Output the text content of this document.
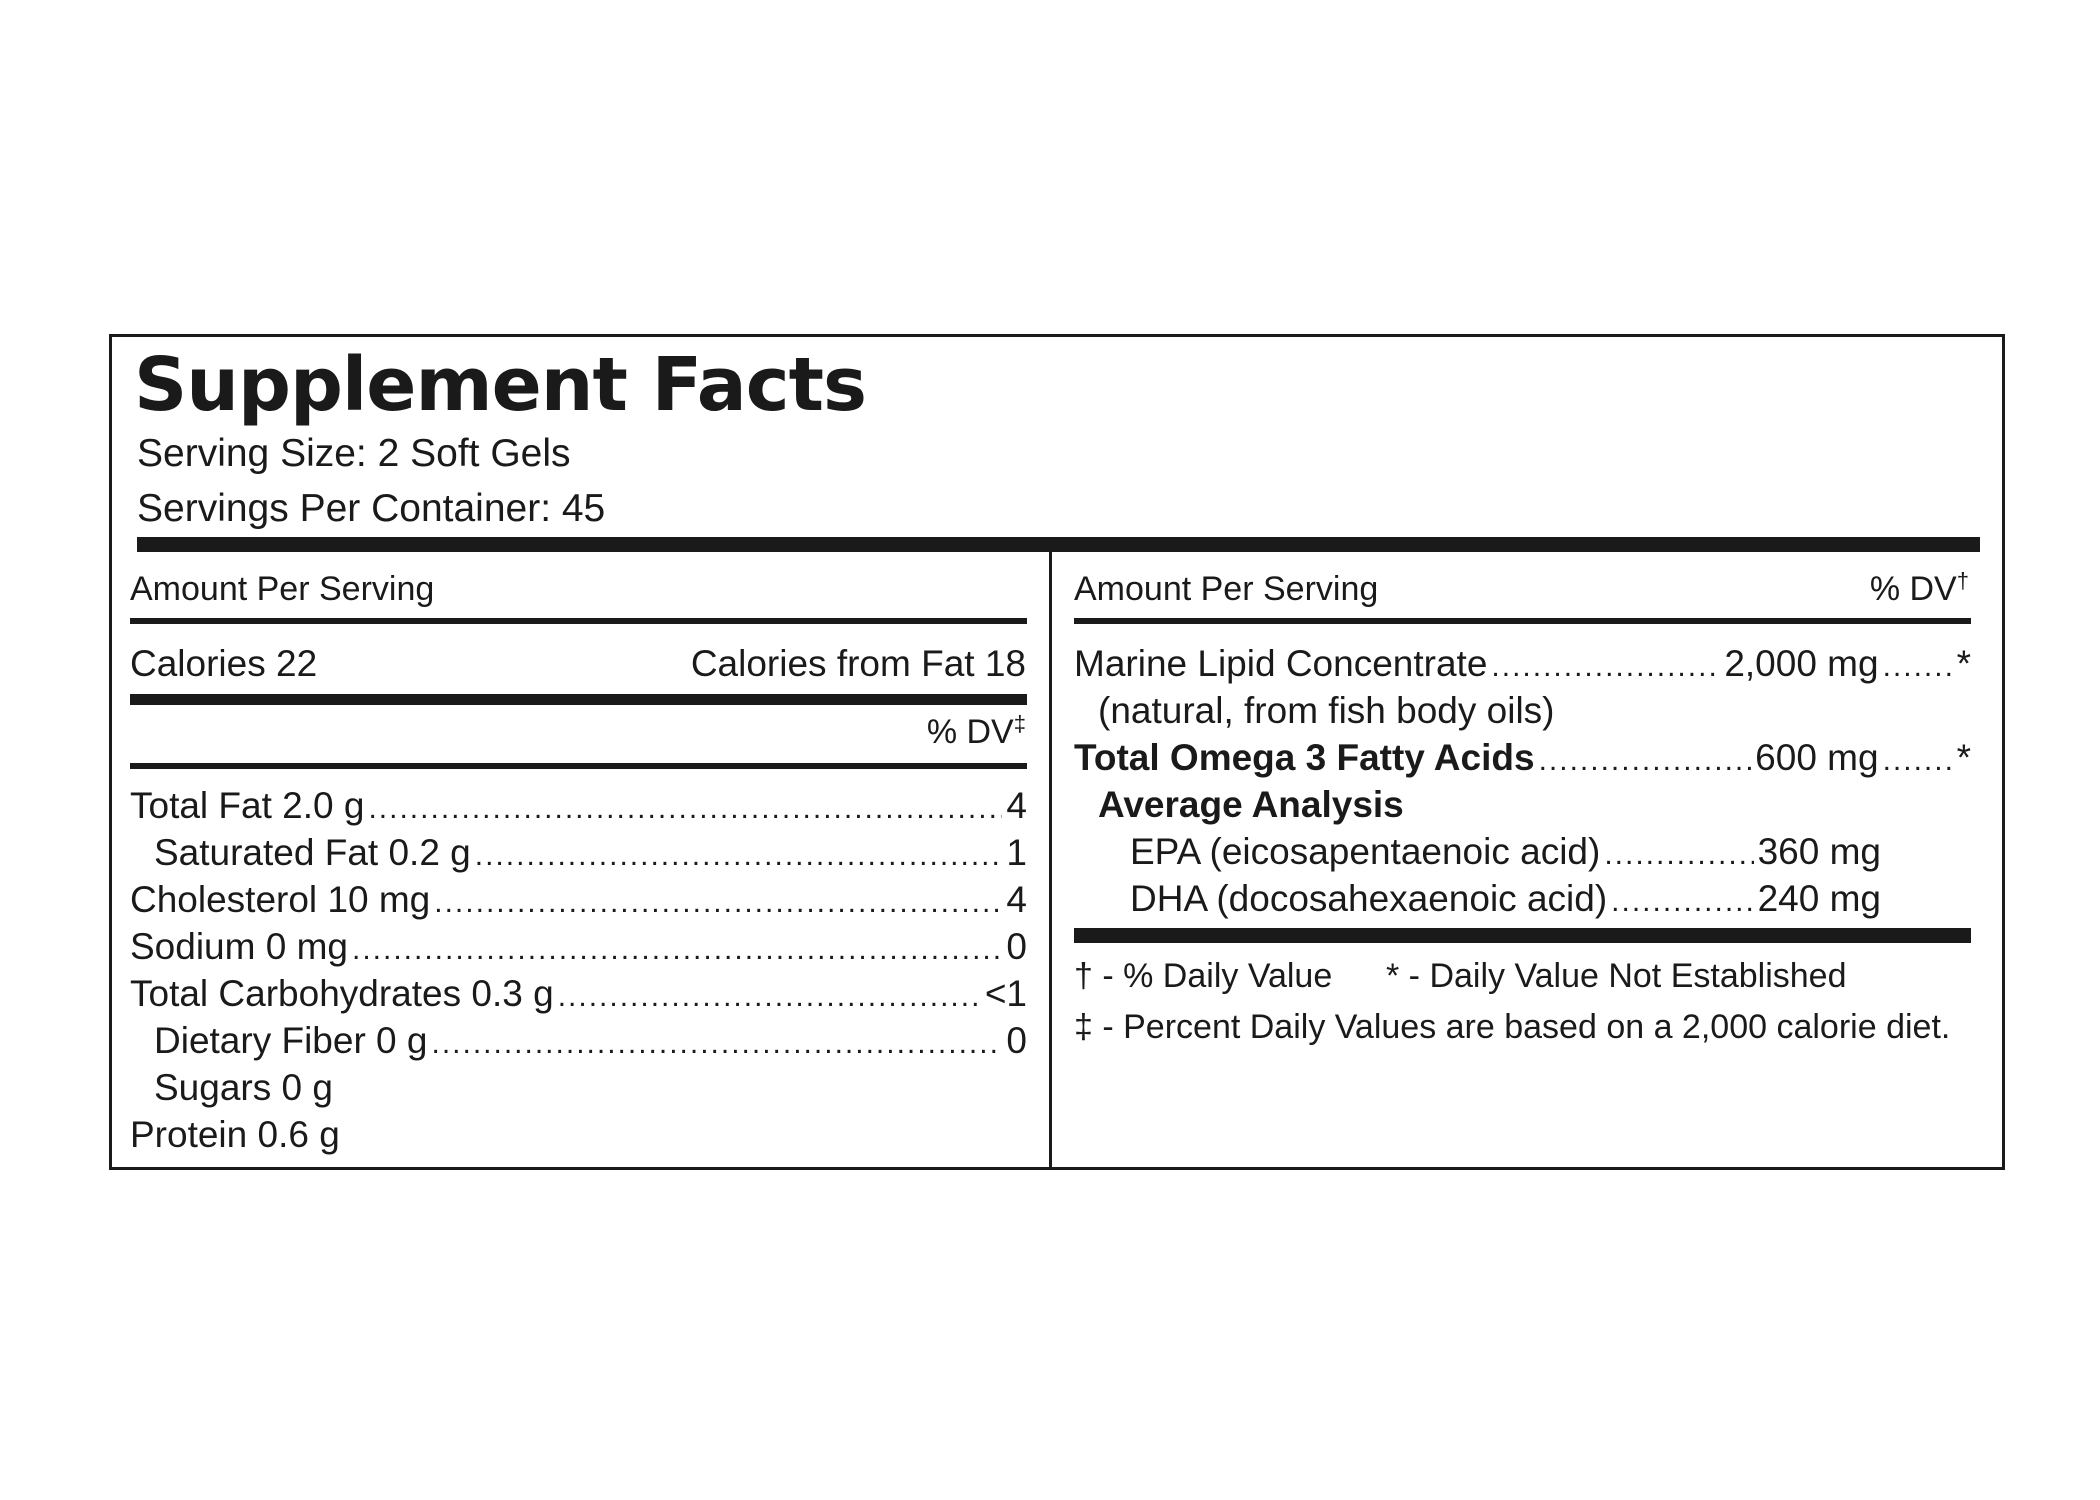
Supplement Facts
Serving Size: 2 Soft Gels
Servings Per Container: 45
Amount Per Serving
Calories 22	Calories from Fat 18
% DV‡
Total Fat 2.0 g .....	4
Saturated Fat 0.2 g .....	1
Cholesterol 10 mg .....	4
Sodium 0 mg .....	0
Total Carbohydrates 0.3 g .....	<1
Dietary Fiber 0 g .....	0
Sugars 0 g
Protein 0.6 g
Amount Per Serving	% DV†
Marine Lipid Concentrate .....	2,000 mg ..... *
(natural, from fish body oils)
Total Omega 3 Fatty Acids .....	600 mg ..... *
Average Analysis
EPA (eicosapentaenoic acid) .....	360 mg
DHA (docosahexaenoic acid) .....	240 mg
† - % Daily Value * - Daily Value Not Established
‡ - Percent Daily Values are based on a 2,000 calorie diet.
